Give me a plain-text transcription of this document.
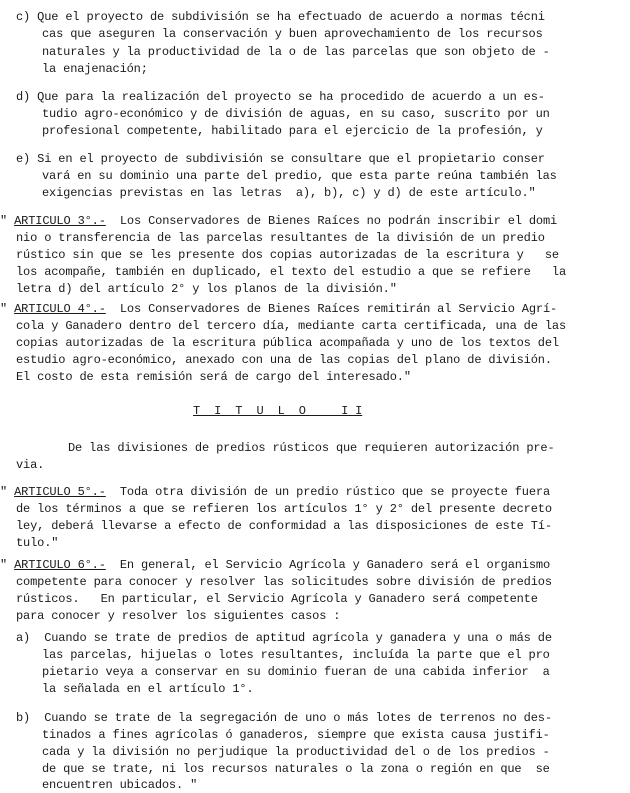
c) Que el proyecto de subdivisión se ha efectuado de acuerdo a normas técni
cas que aseguren la conservación y buen aprovechamiento de los recursos
naturales y la productividad de la o de las parcelas que son objeto de -
la enajenación;
d) Que para la realización del proyecto se ha procedido de acuerdo a un es-
tudio agro-económico y de división de aguas, en su caso, suscrito por un
profesional competente, habilitado para el ejercicio de la profesión, y
e) Si en el proyecto de subdivisión se consultare que el propietario conser
vará en su dominio una parte del predio, que esta parte reúna también las
exigencias previstas en las letras  a), b), c) y d) de este artículo."
" ARTICULO 3°.-  Los Conservadores de Bienes Raíces no podrán inscribir el domi
nio o transferencia de las parcelas resultantes de la división de un predio
rústico sin que se les presente dos copias autorizadas de la escritura y   se
los acompañe, también en duplicado, el texto del estudio a que se refiere   la
letra d) del artículo 2° y los planos de la división."
" ARTICULO 4°.-  Los Conservadores de Bienes Raíces remitirán al Servicio Agrí-
cola y Ganadero dentro del tercero día, mediante carta certificada, una de las
copias autorizadas de la escritura pública acompañada y uno de los textos del
estudio agro-económico, anexado con una de las copias del plano de división.
El costo de esta remisión será de cargo del interesado."
T  I  T  U  L  O     I I
De las divisiones de predios rústicos que requieren autorización pre-
via.
" ARTICULO 5°.-  Toda otra división de un predio rústico que se proyecte fuera
de los términos a que se refieren los artículos 1° y 2° del presente decreto
ley, deberá llevarse a efecto de conformidad a las disposiciones de este Tí-
tulo."
" ARTICULO 6°.-  En general, el Servicio Agrícola y Ganadero será el organismo
competente para conocer y resolver las solicitudes sobre división de predios
rústicos.   En particular, el Servicio Agrícola y Ganadero será competente
para conocer y resolver los siguientes casos :
a)  Cuando se trate de predios de aptitud agrícola y ganadera y una o más de
las parcelas, hijuelas o lotes resultantes, incluída la parte que el pro
pietario veya a conservar en su dominio fueran de una cabida inferior  a
la señalada en el artículo 1°.
b)  Cuando se trate de la segregación de uno o más lotes de terrenos no des-
tinados a fines agrícolas ó ganaderos, siempre que exista causa justifi-
cada y la división no perjudique la productividad del o de los predios -
de que se trate, ni los recursos naturales o la zona o región en que  se
encuentren ubicados. "
